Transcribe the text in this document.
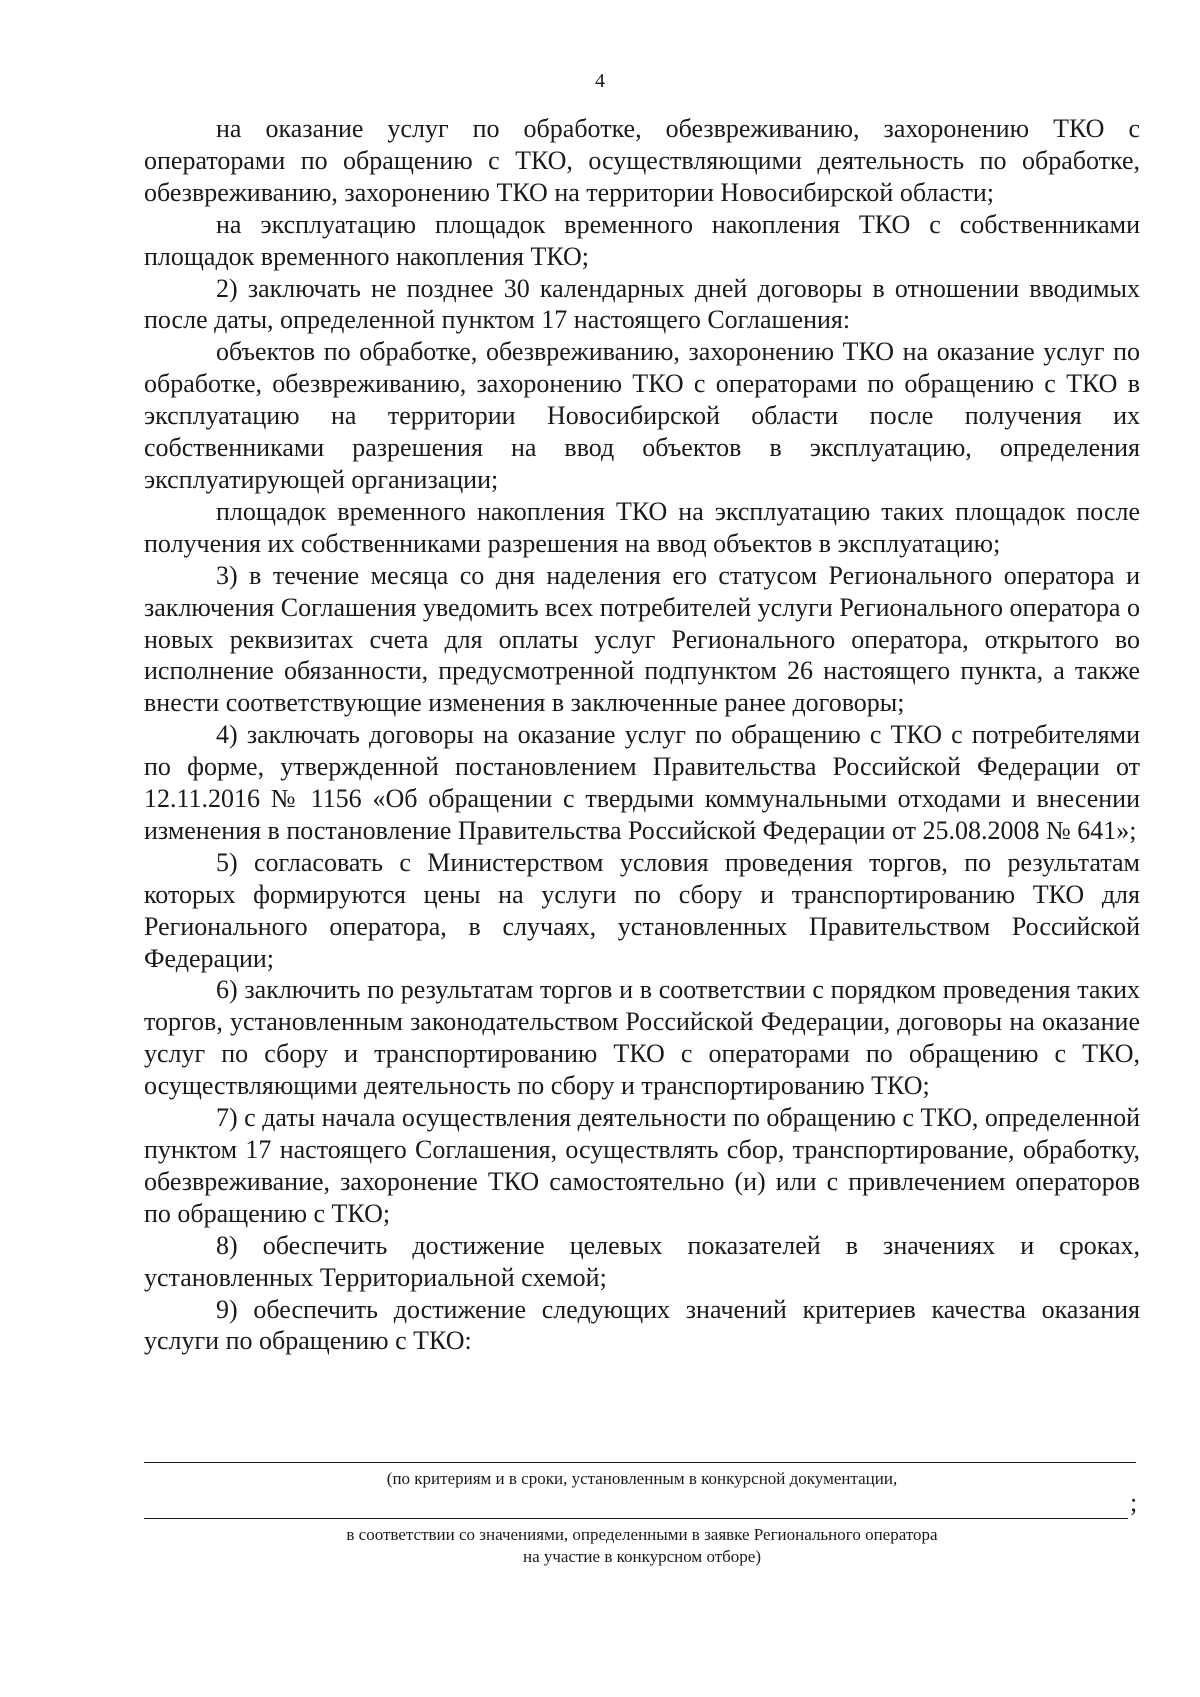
4

на оказание услуг по обработке, обезвреживанию, захоронению ТКО с операторами по обращению с ТКО, осуществляющими деятельность по обработке, обезвреживанию, захоронению ТКО на территории Новосибирской области;

на эксплуатацию площадок временного накопления ТКО с собственниками площадок временного накопления ТКО;

2) заключать не позднее 30 календарных дней договоры в отношении вводимых после даты, определенной пунктом 17 настоящего Соглашения:

объектов по обработке, обезвреживанию, захоронению ТКО на оказание услуг по обработке, обезвреживанию, захоронению ТКО с операторами по обращению с ТКО в эксплуатацию на территории Новосибирской области после получения их собственниками разрешения на ввод объектов в эксплуатацию, определения эксплуатирующей организации;

площадок временного накопления ТКО на эксплуатацию таких площадок после получения их собственниками разрешения на ввод объектов в эксплуатацию;

3) в течение месяца со дня наделения его статусом Регионального оператора и заключения Соглашения уведомить всех потребителей услуги Регионального оператора о новых реквизитах счета для оплаты услуг Регионального оператора, открытого во исполнение обязанности, предусмотренной подпунктом 26 настоящего пункта, а также внести соответствующие изменения в заключенные ранее договоры;

4) заключать договоры на оказание услуг по обращению с ТКО с потребителями по форме, утвержденной постановлением Правительства Российской Федерации от 12.11.2016 № 1156 «Об обращении с твердыми коммунальными отходами и внесении изменения в постановление Правительства Российской Федерации от 25.08.2008 № 641»;

5) согласовать с Министерством условия проведения торгов, по результатам которых формируются цены на услуги по сбору и транспортированию ТКО для Регионального оператора, в случаях, установленных Правительством Российской Федерации;

6) заключить по результатам торгов и в соответствии с порядком проведения таких торгов, установленным законодательством Российской Федерации, договоры на оказание услуг по сбору и транспортированию ТКО с операторами по обращению с ТКО, осуществляющими деятельность по сбору и транспортированию ТКО;

7) с даты начала осуществления деятельности по обращению с ТКО, определенной пунктом 17 настоящего Соглашения, осуществлять сбор, транспортирование, обработку, обезвреживание, захоронение ТКО самостоятельно (и) или с привлечением операторов по обращению с ТКО;

8) обеспечить достижение целевых показателей в значениях и сроках, установленных Территориальной схемой;

9) обеспечить достижение следующих значений критериев качества оказания услуги по обращению с ТКО:

(по критериям и в сроки, установленным в конкурсной документации,
;
в соответствии со значениями, определенными в заявке Регионального оператора
на участие в конкурсном отборе)
